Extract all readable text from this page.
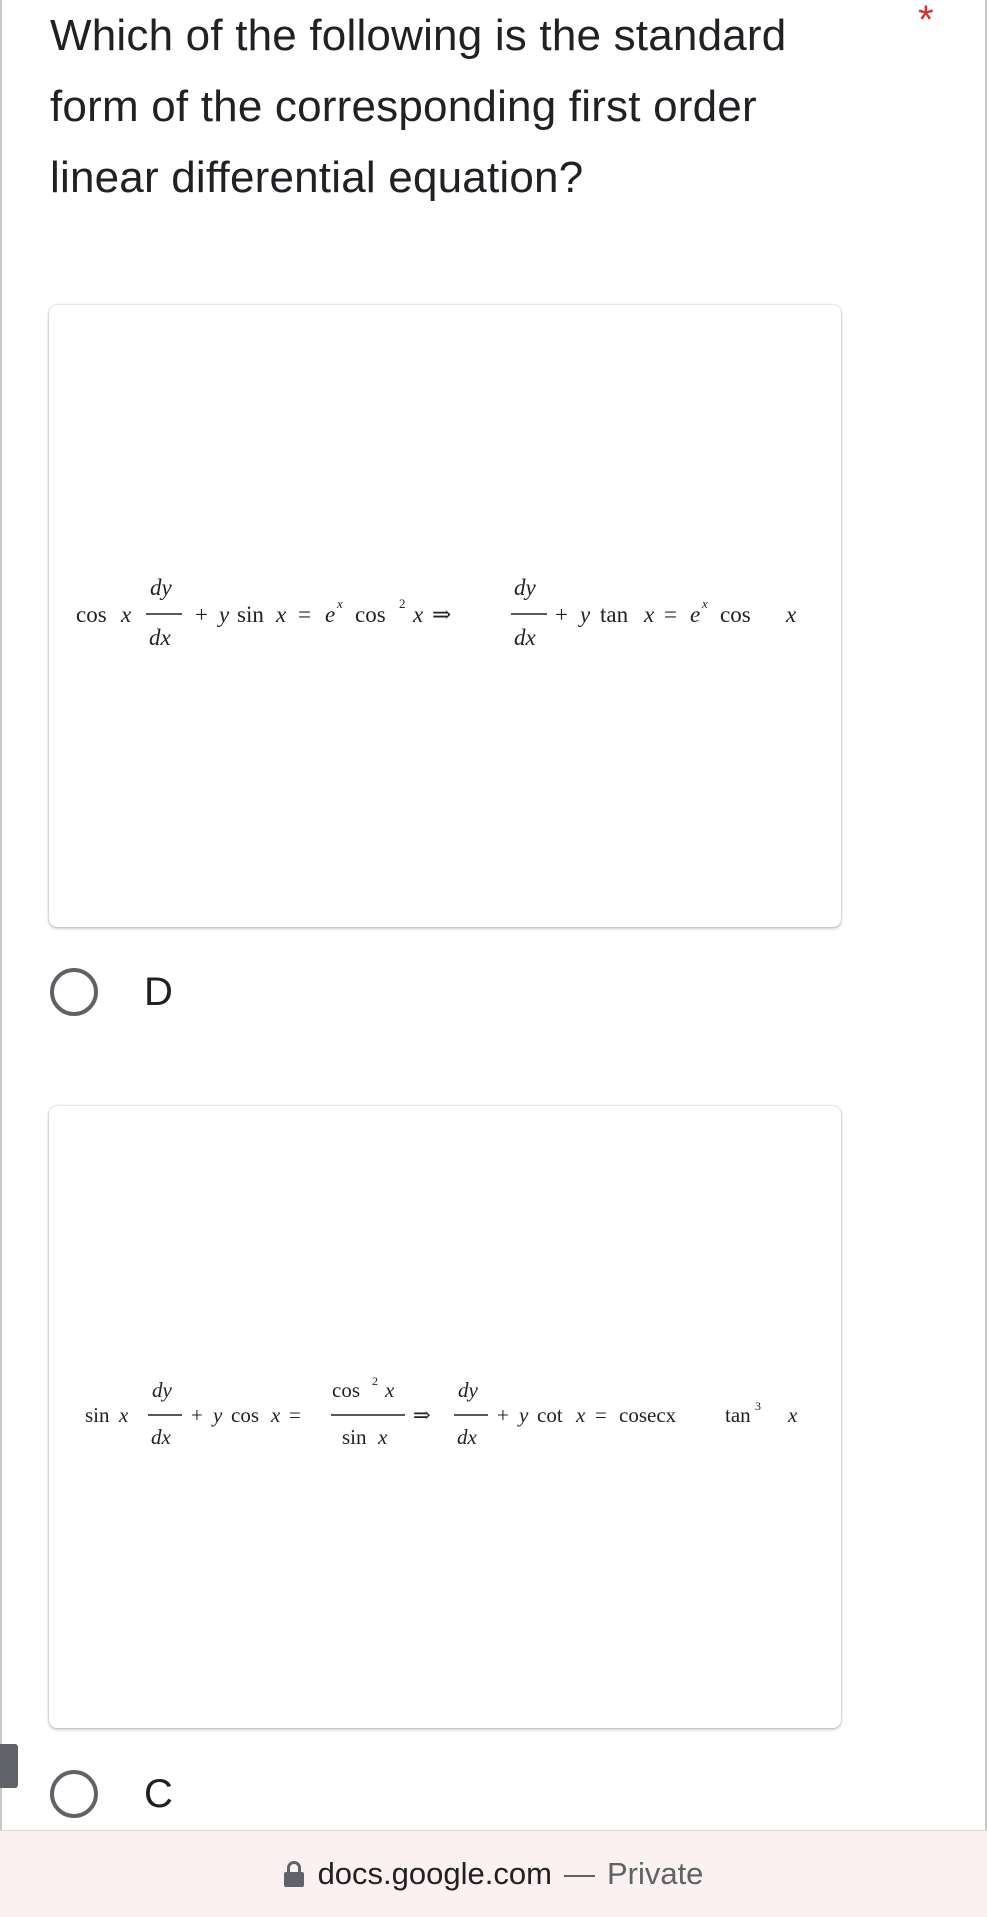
Which of the following is the standard form of the corresponding first order linear differential equation?
*
cos x
dy
dx
+ y sin x = e x cos 2 x ⇒
dy
dx
+ y tan x = e x cos x
D
sin x
dy
dx
+ y cos x =
cos 2 x
sin x
⇒
dy
dx
+ y cot x = cosecx tan 3 x
C
docs.google.com — Private
